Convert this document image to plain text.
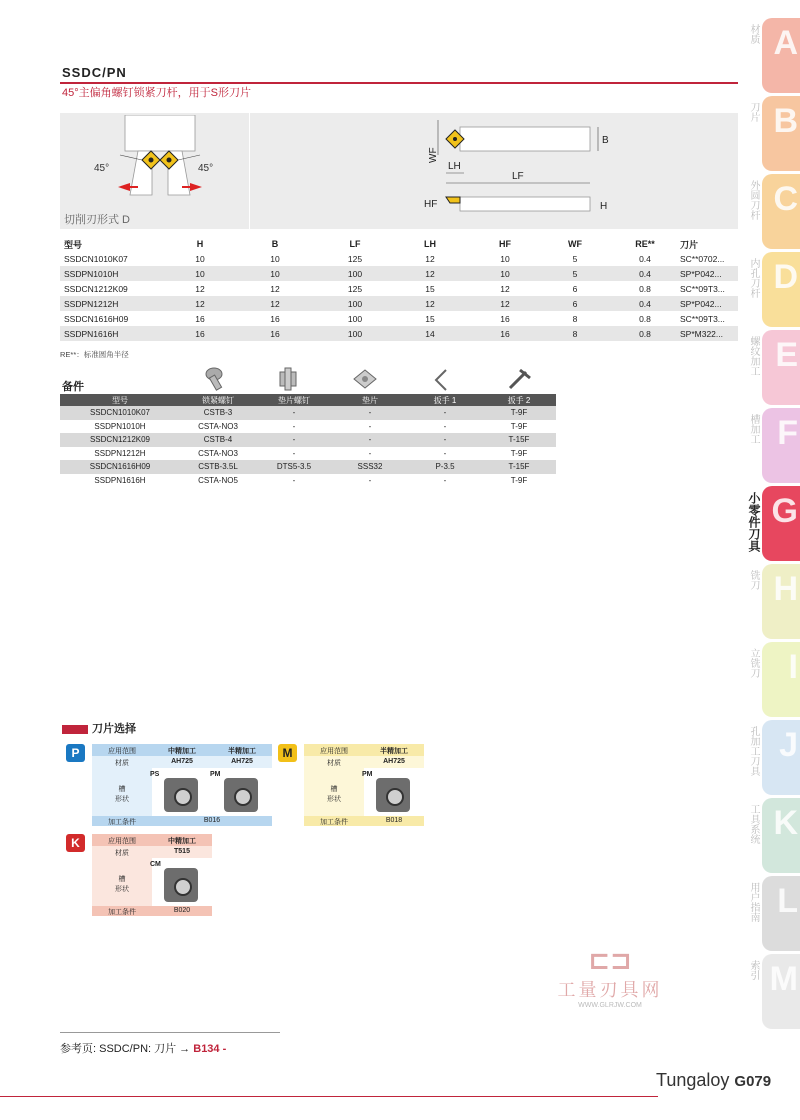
SSDC/PN
45°主偏角螺钉锁紧刀杆，用于S形刀片
45°	45°
切削刃形式 D
B
WF
LH
LF
HF	H
型号	H	B	LF	LH	HF	WF	RE**	刀片
SSDCN1010K07	10	10	125	12	10	5	0.4	SC**0702...
SSDPN1010H	10	10	100	12	10	5	0.4	SP*P042...
SSDCN1212K09	12	12	125	15	12	6	0.8	SC**09T3...
SSDPN1212H	12	12	100	12	12	6	0.4	SP*P042...
SSDCN1616H09	16	16	100	15	16	8	0.8	SC**09T3...
SSDPN1616H	16	16	100	14	16	8	0.8	SP*M322...
RE**：标准圆角半径
备件
型号	锁紧螺钉	垫片螺钉	垫片	扳手 1	扳手 2
SSDCN1010K07	CSTB-3	-	-	-	T-9F
SSDPN1010H	CSTA-NO3	-	-	-	T-9F
SSDCN1212K09	CSTB-4	-	-	-	T-15F
SSDPN1212H	CSTA-NO3	-	-	-	T-9F
SSDCN1616H09	CSTB-3.5L	DTS5-3.5	SSS32	P-3.5	T-15F
SSDPN1616H	CSTA-NO5	-	-	-	T-9F
刀片选择
P	应用范围
材质
槽
形状
加工条件
中精加工	半精加工
AH725	AH725
PS	PM
B016
M	应用范围
材质
槽
形状
加工条件
半精加工
AH725
PM
B018
K	应用范围
材质
槽
形状
加工条件
中精加工
T515
CM
B020
A
材质
B
刀片
C
外圆刀杆
D
内孔刀杆
E
螺纹加工
F
槽加工
G
小零件刀具
H
铣刀
I
立铣刀
J
孔加工刀具
K
工具系统
L
用户指南
M
索引
⊏⊐
工量刃具网
WWW.GLRJW.COM
参考页: SSDC/PN: 刀片 → B134 -
Tungaloy G079
